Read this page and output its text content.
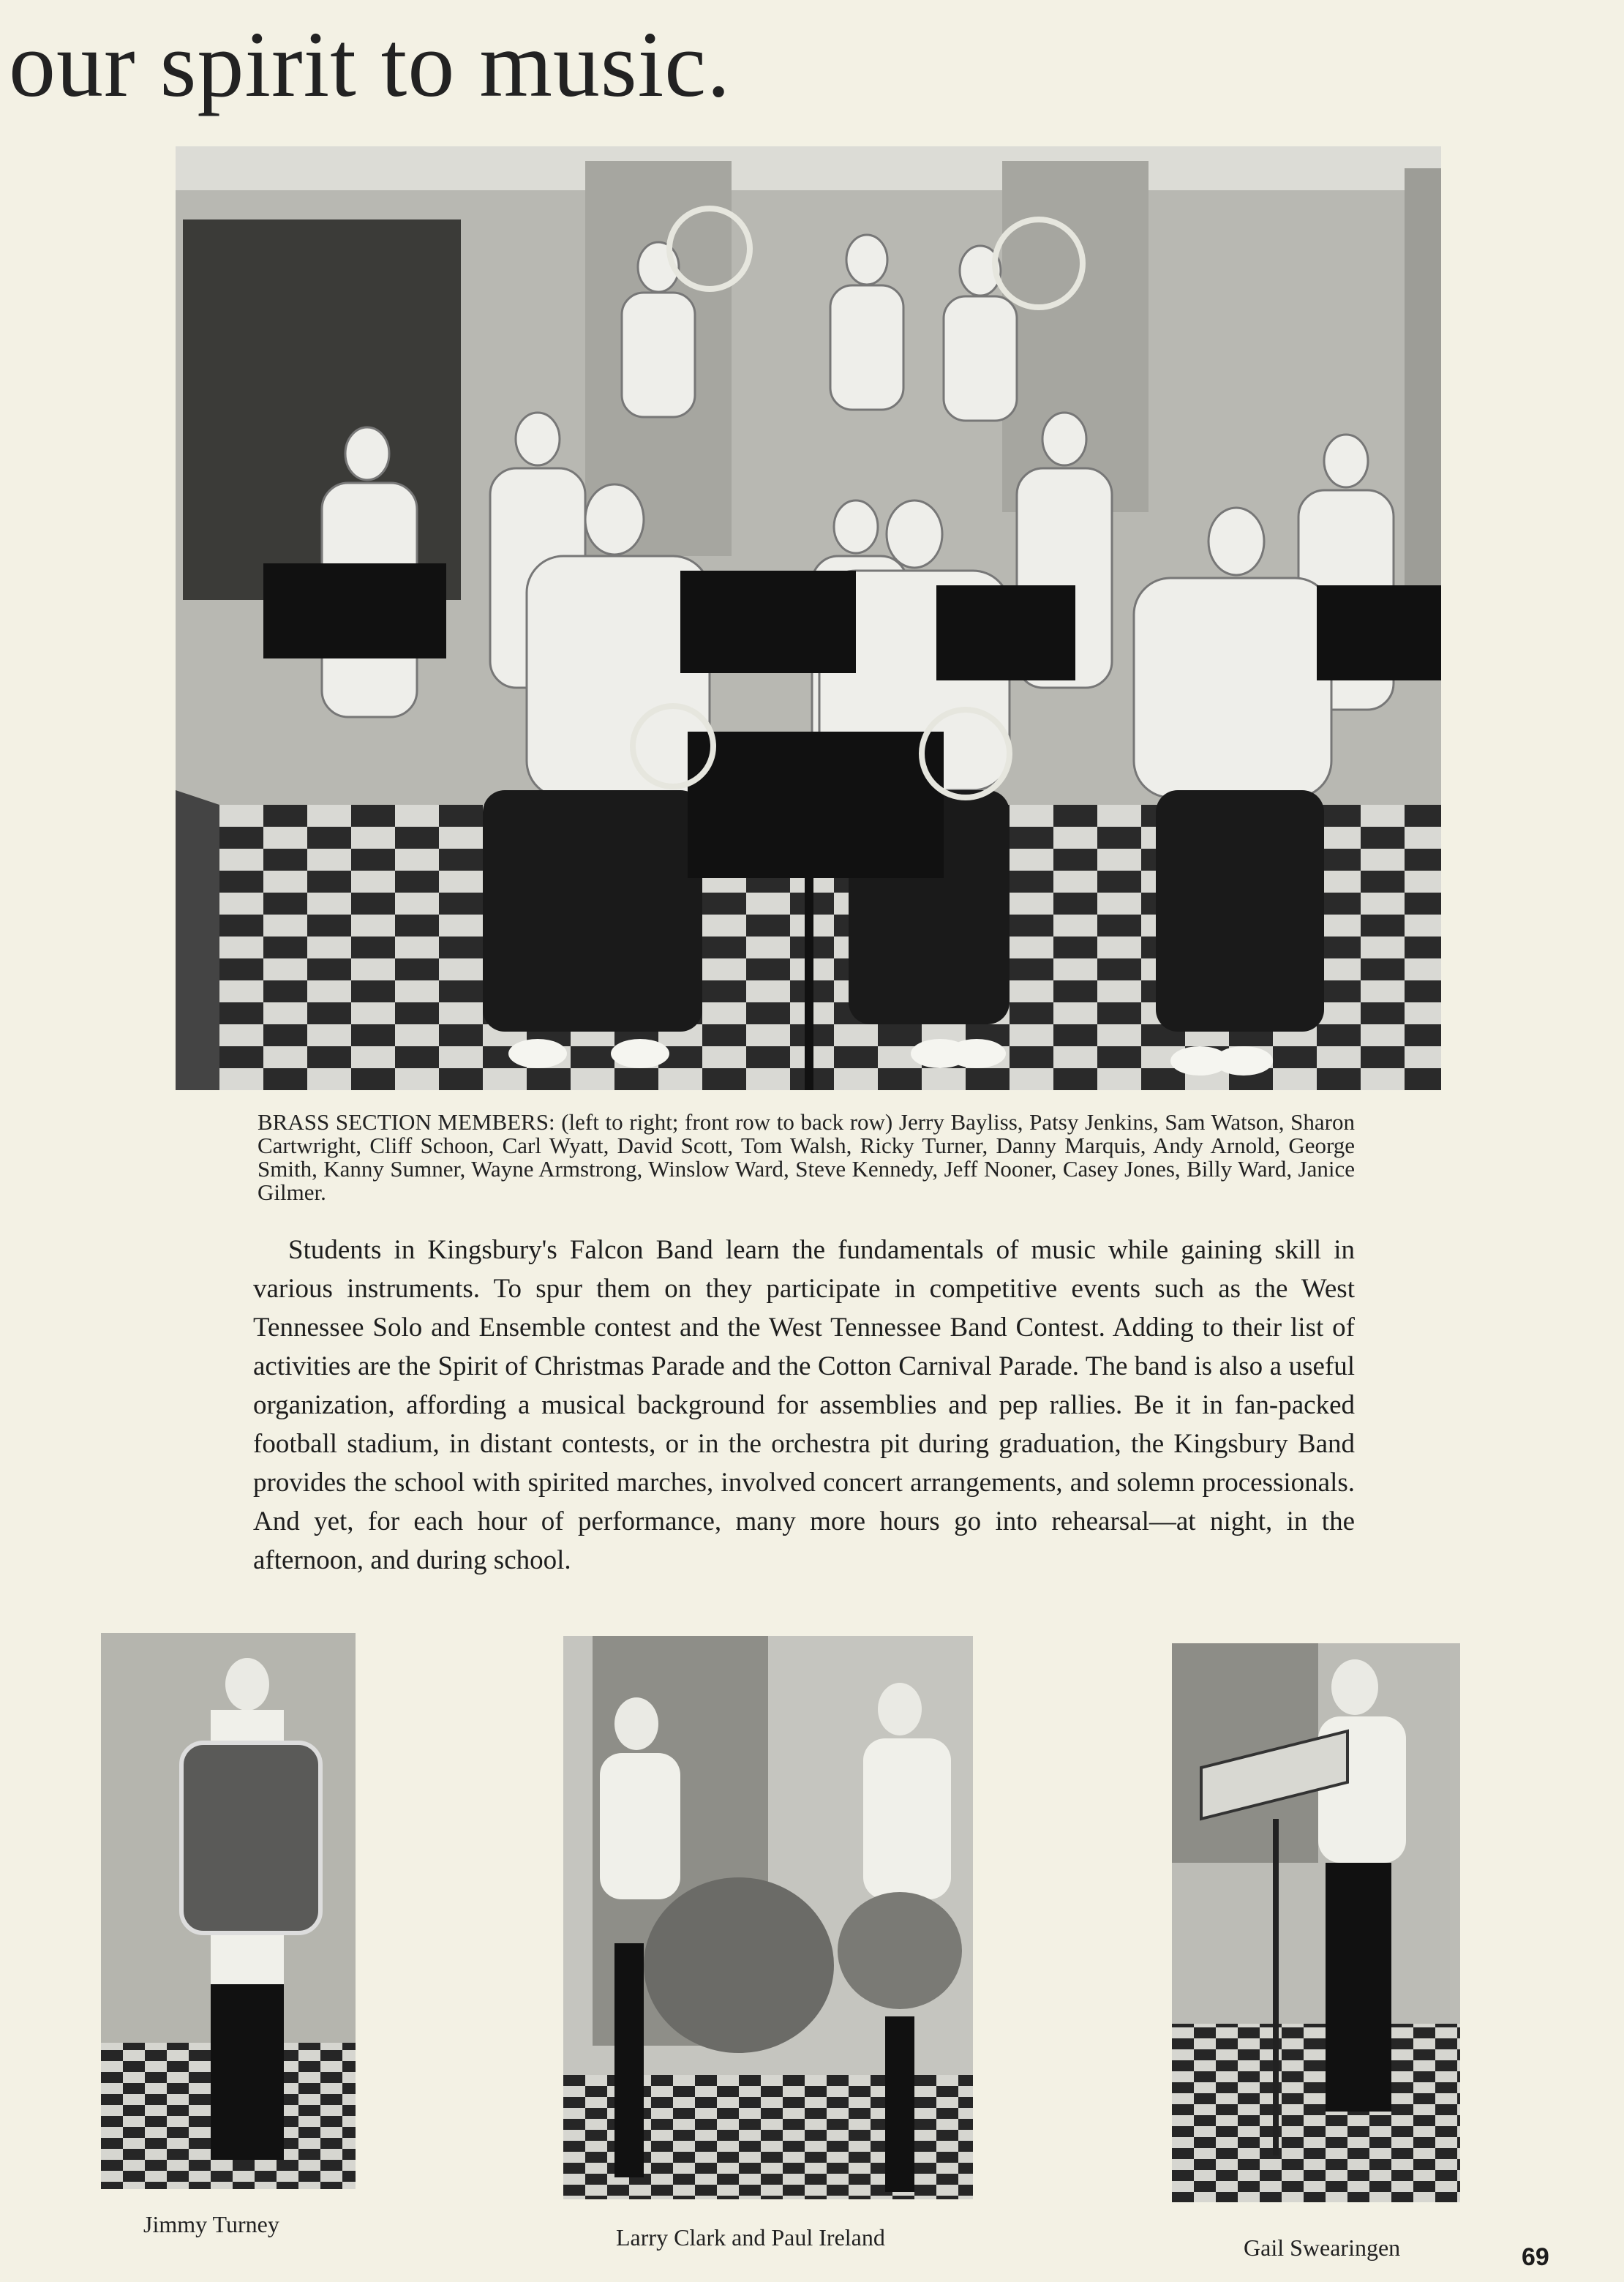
our spirit to music.
BRASS SECTION MEMBERS: (left to right; front row to back row) Jerry Bayliss, Patsy Jenkins, Sam Watson, Sharon Cartwright, Cliff Schoon, Carl Wyatt, David Scott, Tom Walsh, Ricky Turner, Danny Marquis, Andy Arnold, George Smith, Kanny Sumner, Wayne Armstrong, Winslow Ward, Steve Kennedy, Jeff Nooner, Casey Jones, Billy Ward, Janice Gilmer.
Students in Kingsbury's Falcon Band learn the fundamentals of music while gaining skill in various instruments. To spur them on they participate in competitive events such as the West Tennessee Solo and Ensemble contest and the West Tennessee Band Contest. Adding to their list of activities are the Spirit of Christmas Parade and the Cotton Carnival Parade. The band is also a useful organization, affording a musical background for assemblies and pep rallies. Be it in fan-packed football stadium, in distant contests, or in the orchestra pit during graduation, the Kingsbury Band provides the school with spirited marches, involved concert arrangements, and solemn processionals. And yet, for each hour of performance, many more hours go into rehearsal—at night, in the afternoon, and during school.
Jimmy Turney	Larry Clark and Paul Ireland	Gail Swearingen	69
